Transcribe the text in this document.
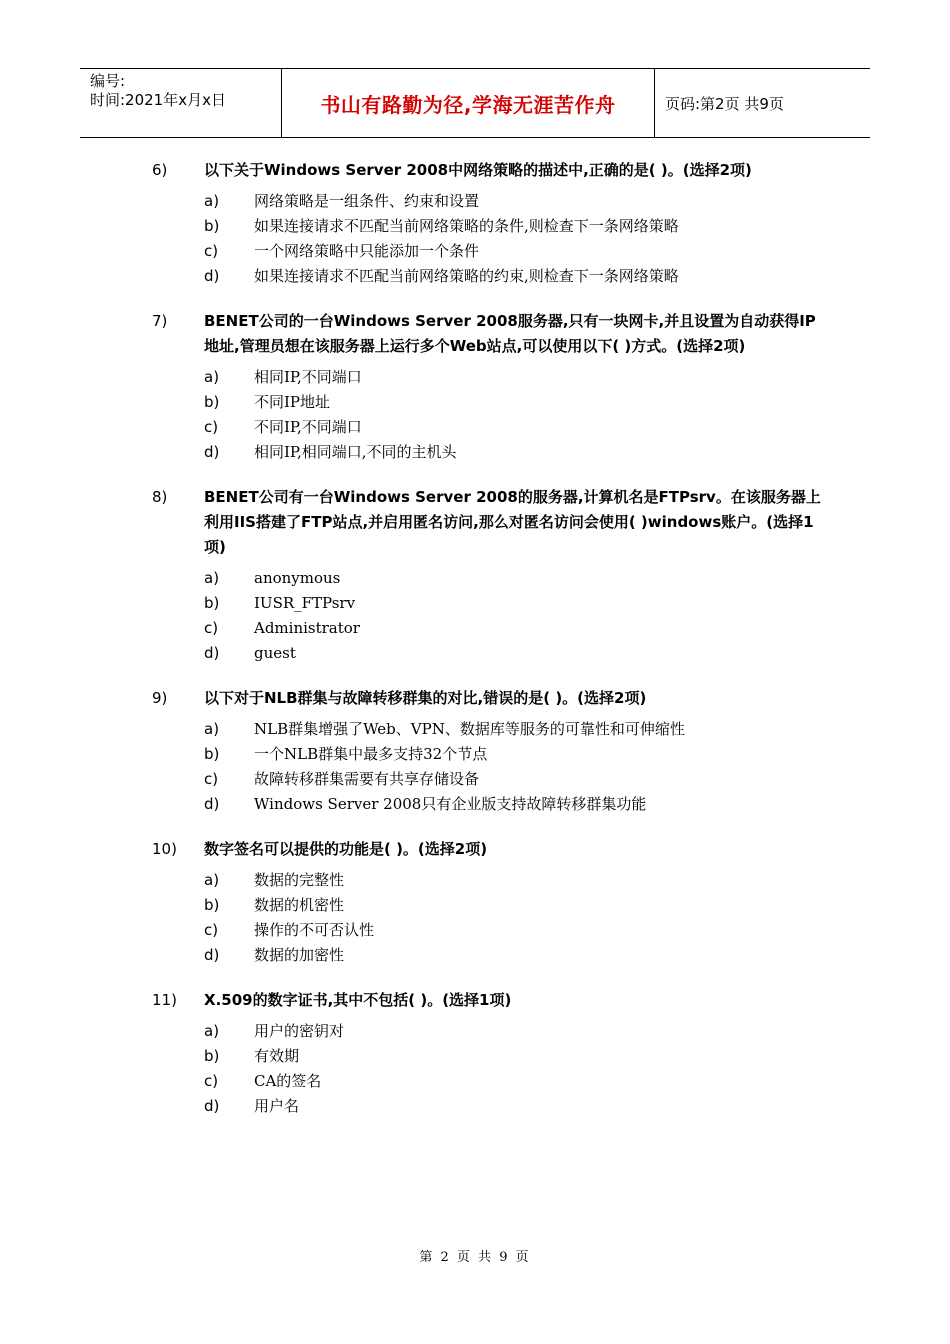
编号:
时间:2021年x月x日	书山有路勤为径,学海无涯苦作舟	页码:第2页 共9页
6)	以下关于Windows Server 2008中网络策略的描述中,正确的是( )。(选择2项)
a)	网络策略是一组条件、约束和设置
b)	如果连接请求不匹配当前网络策略的条件,则检查下一条网络策略
c)	一个网络策略中只能添加一个条件
d)	如果连接请求不匹配当前网络策略的约束,则检查下一条网络策略
7)	BENET公司的一台Windows Server 2008服务器,只有一块网卡,并且设置为自动获得IP地址,管理员想在该服务器上运行多个Web站点,可以使用以下( )方式。(选择2项)
a)	相同IP,不同端口
b)	不同IP地址
c)	不同IP,不同端口
d)	相同IP,相同端口,不同的主机头
8)	BENET公司有一台Windows Server 2008的服务器,计算机名是FTPsrv。在该服务器上利用IIS搭建了FTP站点,并启用匿名访问,那么对匿名访问会使用( )windows账户。(选择1项)
a)	anonymous
b)	IUSR_FTPsrv
c)	Administrator
d)	guest
9)	以下对于NLB群集与故障转移群集的对比,错误的是( )。(选择2项)
a)	NLB群集增强了Web、VPN、数据库等服务的可靠性和可伸缩性
b)	一个NLB群集中最多支持32个节点
c)	故障转移群集需要有共享存储设备
d)	Windows Server 2008只有企业版支持故障转移群集功能
10)	数字签名可以提供的功能是( )。(选择2项)
a)	数据的完整性
b)	数据的机密性
c)	操作的不可否认性
d)	数据的加密性
11)	X.509的数字证书,其中不包括( )。(选择1项)
a)	用户的密钥对
b)	有效期
c)	CA的签名
d)	用户名
第 2 页 共 9 页
